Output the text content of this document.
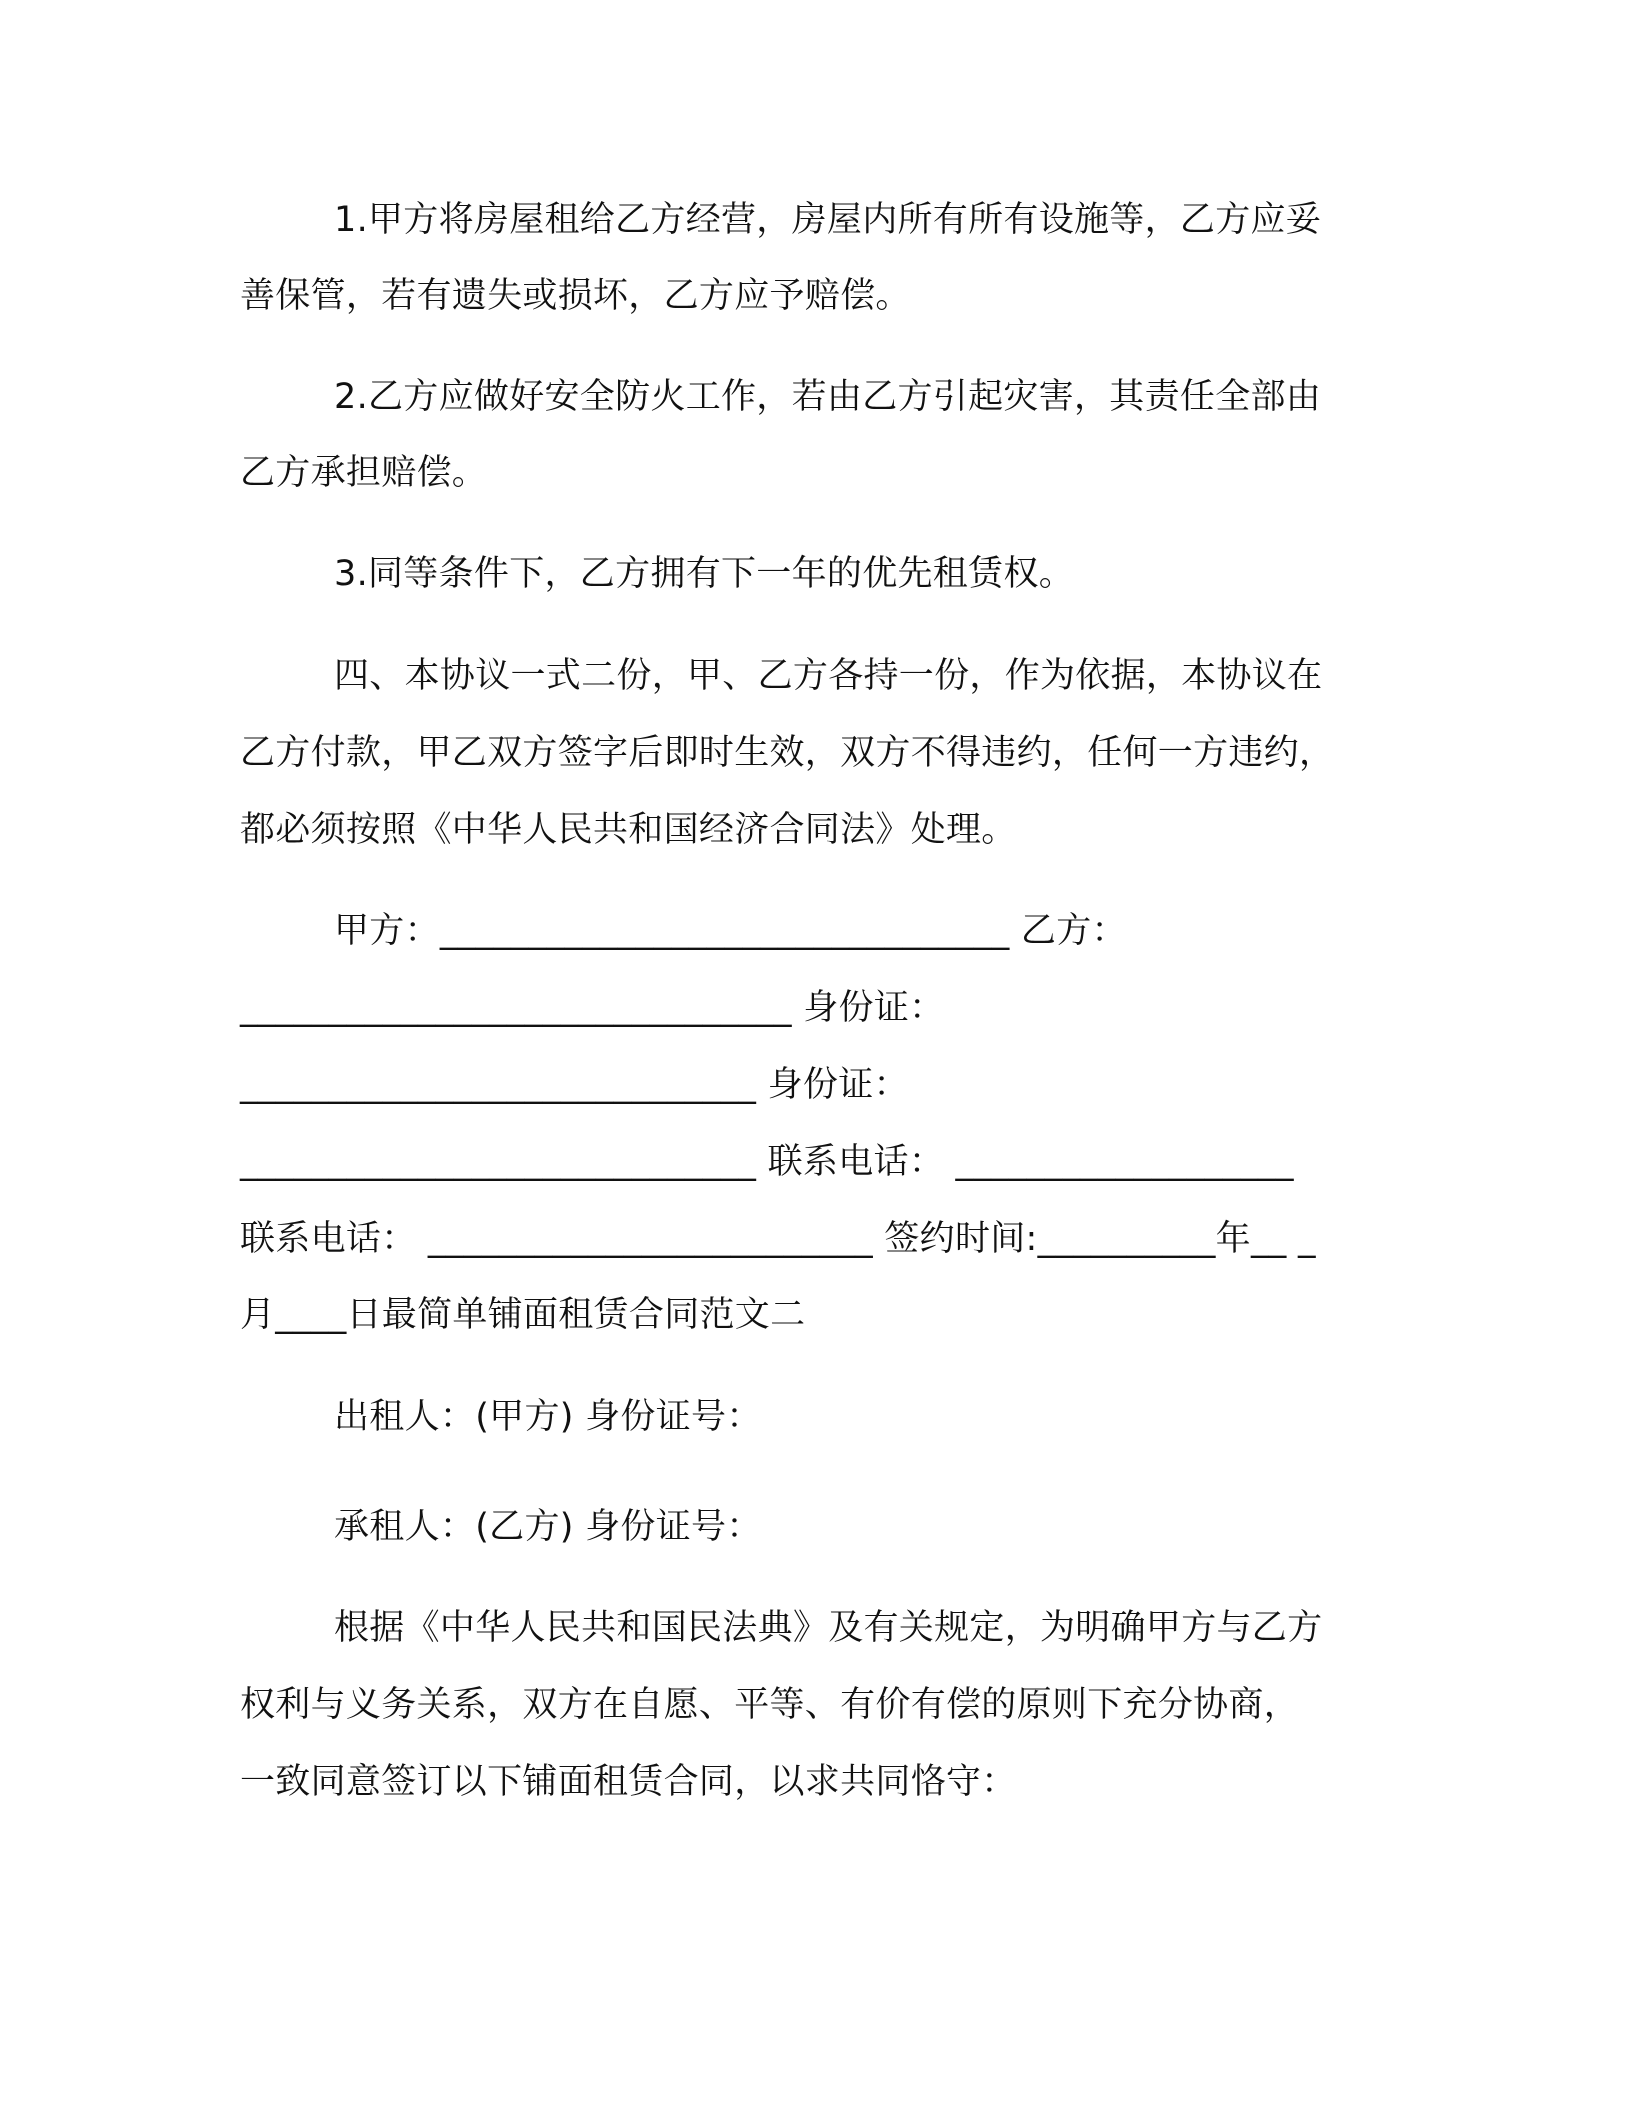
1.甲方将房屋租给乙方经营，房屋内所有所有设施等，乙方应妥
善保管，若有遗失或损坏，乙方应予赔偿。
2.乙方应做好安全防火工作，若由乙方引起灾害，其责任全部由
乙方承担赔偿。
3.同等条件下，乙方拥有下一年的优先租赁权。
四、本协议一式二份，甲、乙方各持一份，作为依据，本协议在
乙方付款，甲乙双方签字后即时生效，双方不得违约，任何一方违约，
都必须按照《中华人民共和国经济合同法》处理。
甲方：________________________________ 乙方：
_______________________________ 身份证：
_____________________________ 身份证：
_____________________________ 联系电话： ___________________
联系电话： _________________________ 签约时间:__________年__ _
月____日最简单铺面租赁合同范文二
出租人：(甲方) 身份证号：
承租人：(乙方) 身份证号：
根据《中华人民共和国民法典》及有关规定，为明确甲方与乙方
权利与义务关系，双方在自愿、平等、有价有偿的原则下充分协商，
一致同意签订以下铺面租赁合同，以求共同恪守：
